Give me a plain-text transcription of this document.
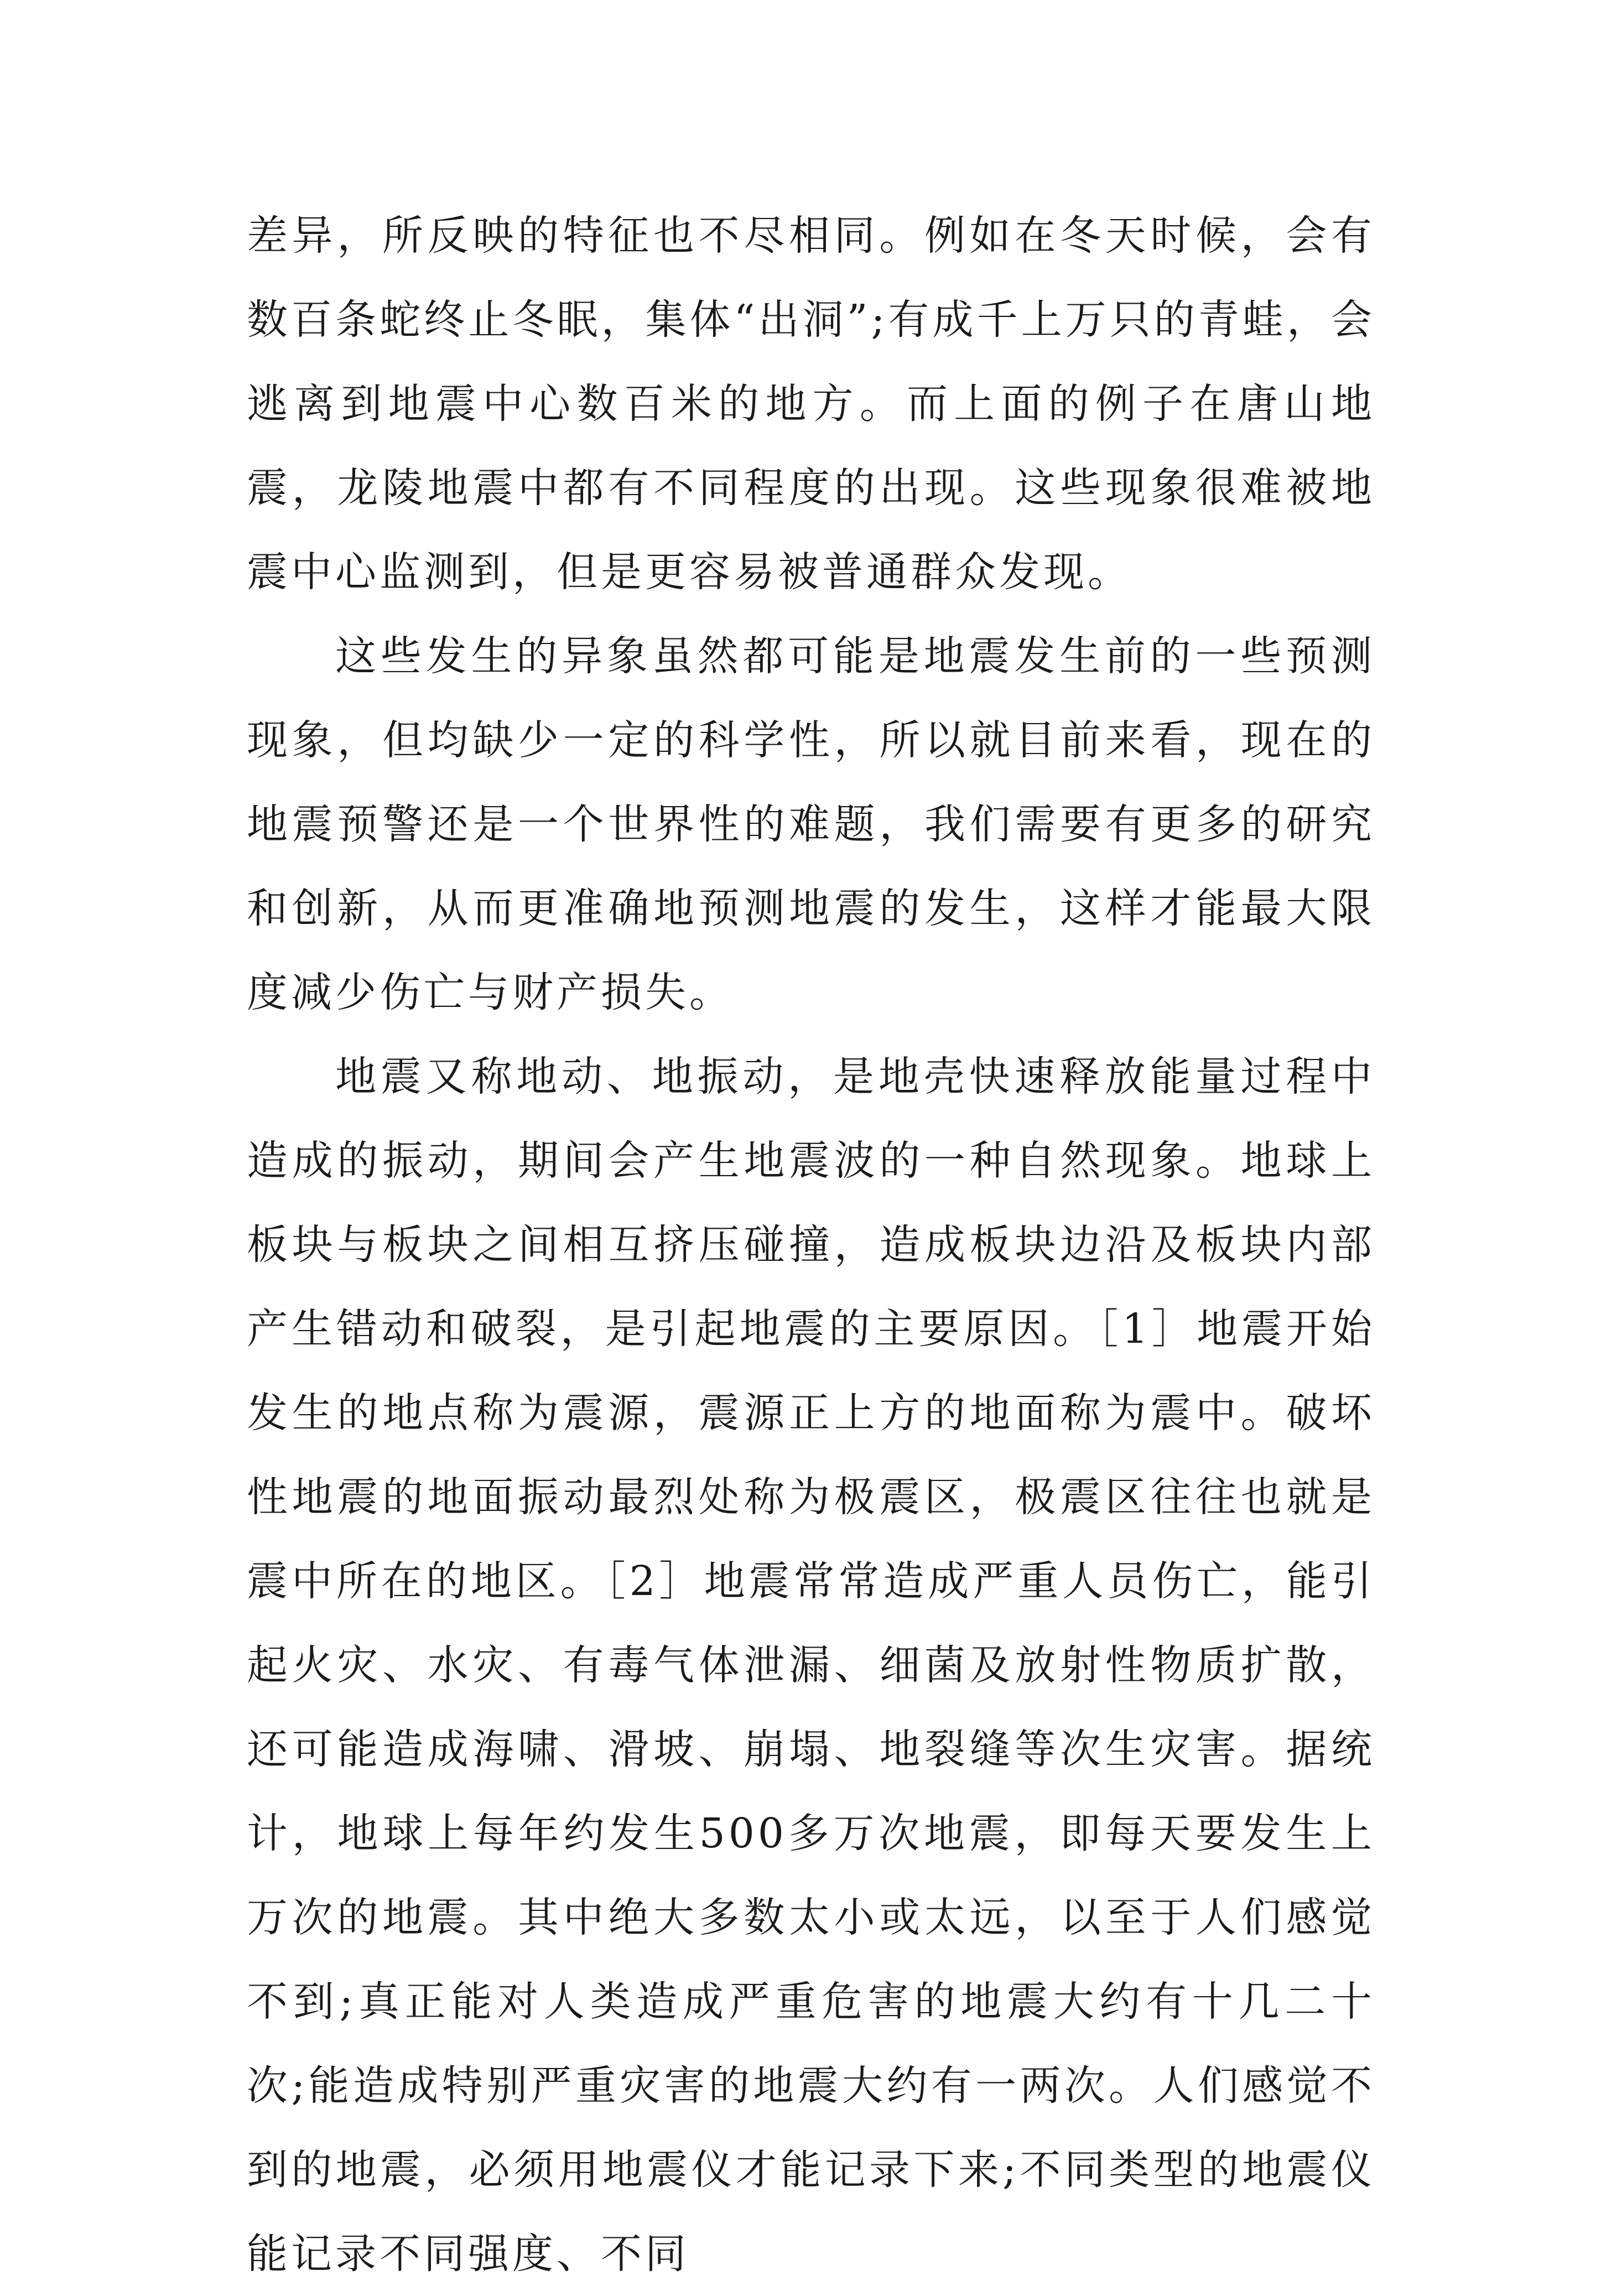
差异，所反映的特征也不尽相同。例如在冬天时候，会有数百条蛇终止冬眠，集体“出洞”;有成千上万只的青蛙，会逃离到地震中心数百米的地方。而上面的例子在唐山地震，龙陵地震中都有不同程度的出现。这些现象很难被地震中心监测到，但是更容易被普通群众发现。

这些发生的异象虽然都可能是地震发生前的一些预测现象，但均缺少一定的科学性，所以就目前来看，现在的地震预警还是一个世界性的难题，我们需要有更多的研究和创新，从而更准确地预测地震的发生，这样才能最大限度减少伤亡与财产损失。

地震又称地动、地振动，是地壳快速释放能量过程中造成的振动，期间会产生地震波的一种自然现象。地球上板块与板块之间相互挤压碰撞，造成板块边沿及板块内部产生错动和破裂，是引起地震的主要原因。［1］地震开始发生的地点称为震源，震源正上方的地面称为震中。破坏性地震的地面振动最烈处称为极震区，极震区往往也就是震中所在的地区。［2］地震常常造成严重人员伤亡，能引起火灾、水灾、有毒气体泄漏、细菌及放射性物质扩散，还可能造成海啸、滑坡、崩塌、地裂缝等次生灾害。据统计，地球上每年约发生500多万次地震，即每天要发生上万次的地震。其中绝大多数太小或太远，以至于人们感觉不到;真正能对人类造成严重危害的地震大约有十几二十次;能造成特别严重灾害的地震大约有一两次。人们感觉不到的地震，必须用地震仪才能记录下来;不同类型的地震仪能记录不同强度、不同
